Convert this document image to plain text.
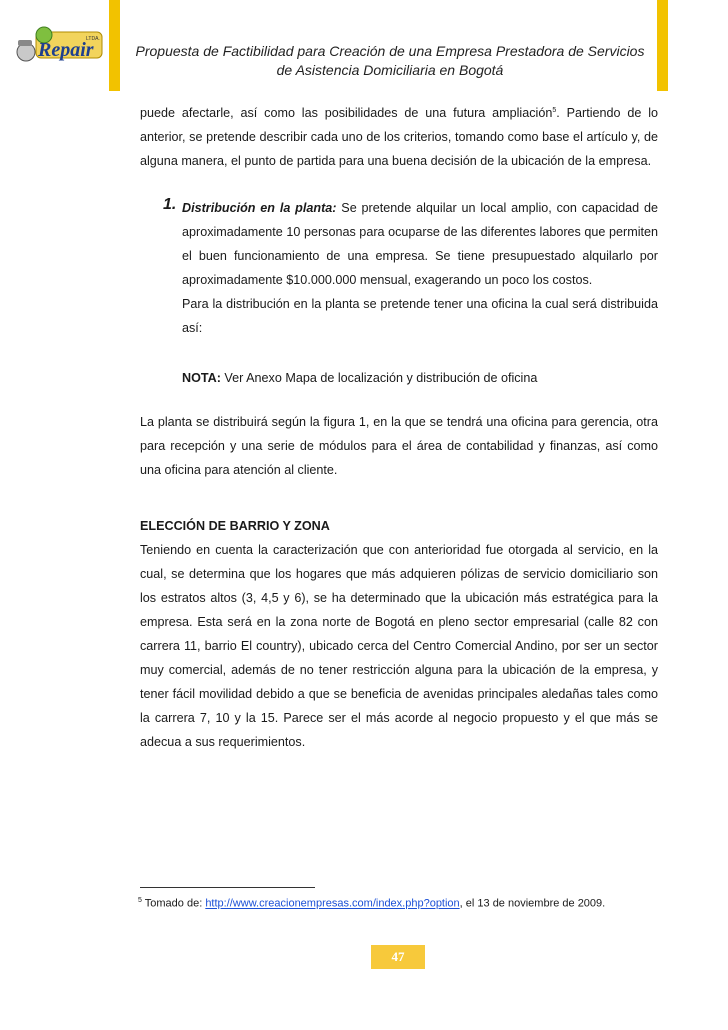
Repair
LTDA.
Propuesta de Factibilidad para Creación de una Empresa Prestadora de Servicios de Asistencia Domiciliaria en Bogotá

puede afectarle, así como las posibilidades de una futura ampliación$^5$. Partiendo de lo anterior, se pretende describir cada uno de los criterios, tomando como base el artículo y, de alguna manera, el punto de partida para una buena decisión de la ubicación de la empresa.

1. Distribución en la planta: Se pretende alquilar un local amplio, con capacidad de aproximadamente 10 personas para ocuparse de las diferentes labores que permiten el buen funcionamiento de una empresa. Se tiene presupuestado alquilarlo por aproximadamente $10.000.000 mensual, exagerando un poco los costos.

Para la distribución en la planta se pretende tener una oficina la cual será distribuida así:

NOTA: Ver Anexo Mapa de localización y distribución de oficina

La planta se distribuirá según la figura 1, en la que se tendrá una oficina para gerencia, otra para recepción y una serie de módulos para el área de contabilidad y finanzas, así como una oficina para atención al cliente.

ELECCIÓN DE BARRIO Y ZONA

Teniendo en cuenta la caracterización que con anterioridad fue otorgada al servicio, en la cual, se determina que los hogares que más adquieren pólizas de servicio domiciliario son los estratos altos (3, 4,5 y 6), se ha determinado que la ubicación más estratégica para la empresa. Esta será en la zona norte de Bogotá en pleno sector empresarial (calle 82 con carrera 11, barrio El country), ubicado cerca del Centro Comercial Andino, por ser un sector muy comercial, además de no tener restricción alguna para la ubicación de la empresa, y tener fácil movilidad debido a que se beneficia de avenidas principales aledañas tales como la carrera 7, 10 y la 15. Parece ser el más acorde al negocio propuesto y el que más se adecua a sus requerimientos.

$^5$ Tomado de: http://www.creacionempresas.com/index.php?option, el 13 de noviembre de 2009.
47
